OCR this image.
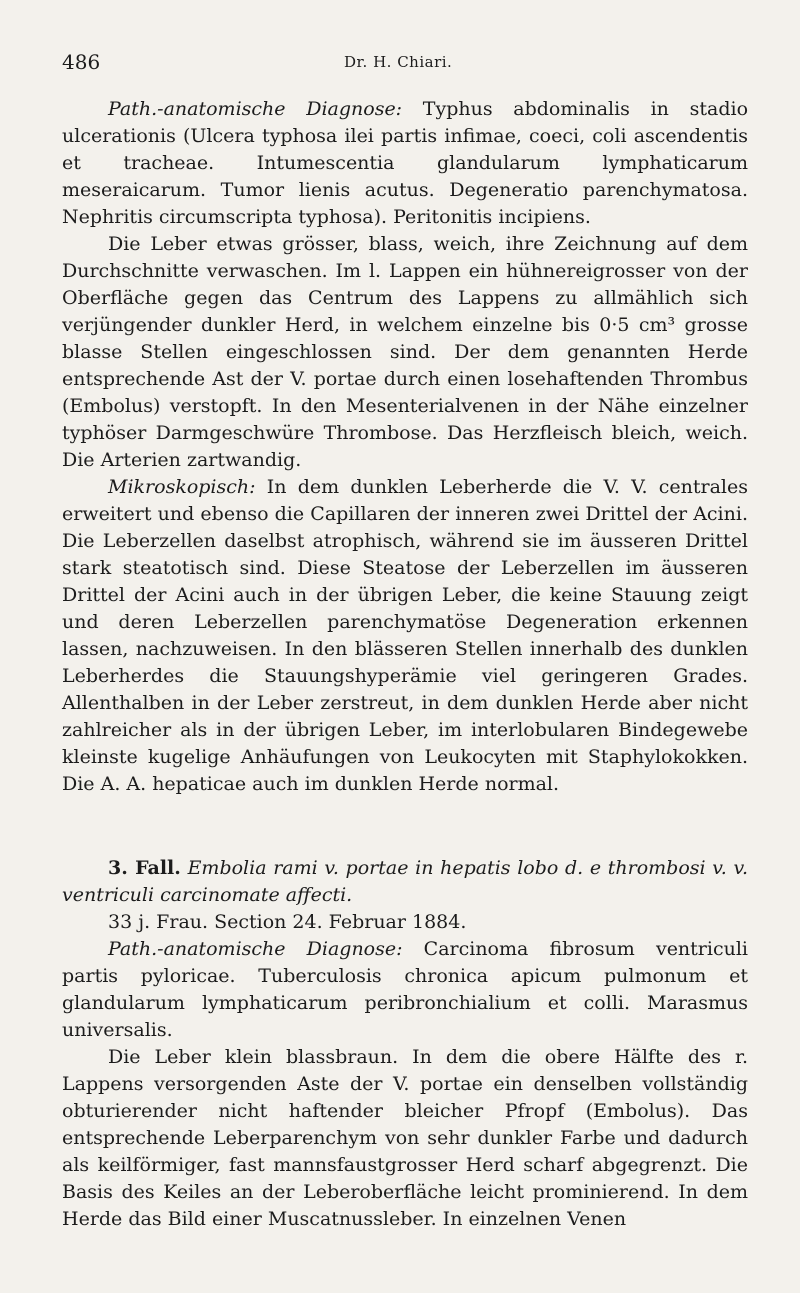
486	Dr. H. Chiari.

Path.-anatomische Diagnose: Typhus abdominalis in stadio ulcerationis (Ulcera typhosa ilei partis infimae, coeci, coli ascendentis et tracheae. Intumescentia glandularum lymphaticarum meseraicarum. Tumor lienis acutus. Degeneratio parenchymatosa. Nephritis circumscripta typhosa). Peritonitis incipiens.

Die Leber etwas grösser, blass, weich, ihre Zeichnung auf dem Durchschnitte verwaschen. Im l. Lappen ein hühnereigrosser von der Oberfläche gegen das Centrum des Lappens zu allmählich sich verjüngender dunkler Herd, in welchem einzelne bis 0·5 cm³ grosse blasse Stellen eingeschlossen sind. Der dem genannten Herde entsprechende Ast der V. portae durch einen losehaftenden Thrombus (Embolus) verstopft. In den Mesenterialvenen in der Nähe einzelner typhöser Darmgeschwüre Thrombose. Das Herzfleisch bleich, weich. Die Arterien zartwandig.

Mikroskopisch: In dem dunklen Leberherde die V. V. centrales erweitert und ebenso die Capillaren der inneren zwei Drittel der Acini. Die Leberzellen daselbst atrophisch, während sie im äusseren Drittel stark steatotisch sind. Diese Steatose der Leberzellen im äusseren Drittel der Acini auch in der übrigen Leber, die keine Stauung zeigt und deren Leberzellen parenchymatöse Degeneration erkennen lassen, nachzuweisen. In den blässeren Stellen innerhalb des dunklen Leberherdes die Stauungshyperämie viel geringeren Grades. Allenthalben in der Leber zerstreut, in dem dunklen Herde aber nicht zahlreicher als in der übrigen Leber, im interlobularen Bindegewebe kleinste kugelige Anhäufungen von Leukocyten mit Staphylokokken. Die A. A. hepaticae auch im dunklen Herde normal.

3. Fall. Embolia rami v. portae in hepatis lobo d. e thrombosi v. v. ventriculi carcinomate affecti.

33 j. Frau. Section 24. Februar 1884.

Path.-anatomische Diagnose: Carcinoma fibrosum ventriculi partis pyloricae. Tuberculosis chronica apicum pulmonum et glandularum lymphaticarum peribronchialium et colli. Marasmus universalis.

Die Leber klein blassbraun. In dem die obere Hälfte des r. Lappens versorgenden Aste der V. portae ein denselben vollständig obturierender nicht haftender bleicher Pfropf (Embolus). Das entsprechende Leberparenchym von sehr dunkler Farbe und dadurch als keilförmiger, fast mannsfaustgrosser Herd scharf abgegrenzt. Die Basis des Keiles an der Leberoberfläche leicht prominierend. In dem Herde das Bild einer Muscatnussleber. In einzelnen Venen
